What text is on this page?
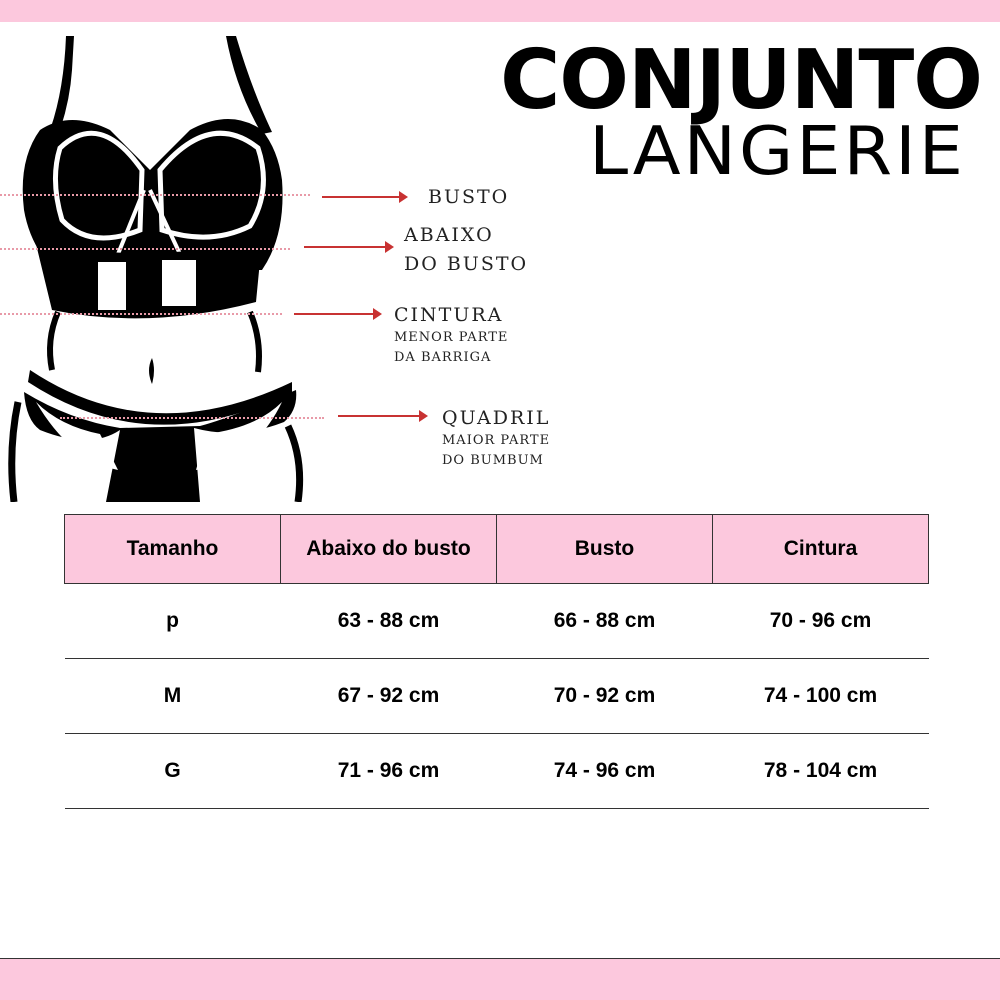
CONJUNTO
LANGERIE
BUSTO
ABAIXO
DO BUSTO
CINTURA
MENOR PARTE
DA BARRIGA
QUADRIL
MAIOR PARTE
DO BUMBUM
Tamanho	Abaixo do busto	Busto	Cintura
p	63 - 88 cm	66 - 88 cm	70 - 96 cm
M	67 - 92 cm	70 - 92 cm	74 - 100 cm
G	71 - 96 cm	74 - 96 cm	78 - 104 cm
